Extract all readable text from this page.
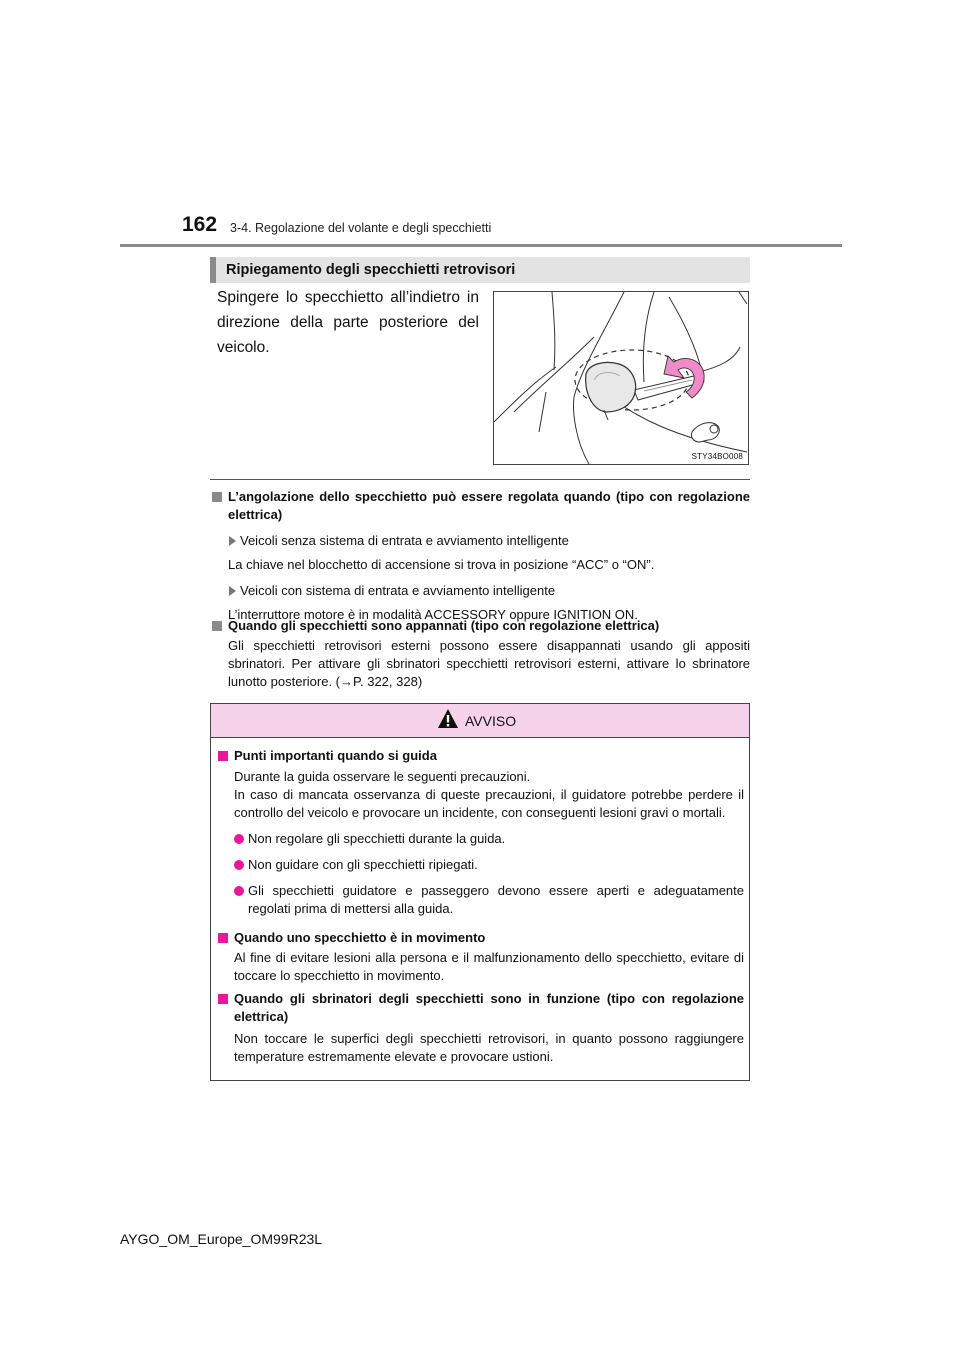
162 3-4. Regolazione del volante e degli specchietti
Ripiegamento degli specchietti retrovisori
Spingere lo specchietto all’indietro in direzione della parte posteriore del veicolo.
STY34BO008
L’angolazione dello specchietto può essere regolata quando (tipo con regolazione elettrica)
Veicoli senza sistema di entrata e avviamento intelligente
La chiave nel blocchetto di accensione si trova in posizione “ACC” o “ON”.
Veicoli con sistema di entrata e avviamento intelligente
L’interruttore motore è in modalità ACCESSORY oppure IGNITION ON.
Quando gli specchietti sono appannati (tipo con regolazione elettrica)
Gli specchietti retrovisori esterni possono essere disappannati usando gli appositi sbrinatori. Per attivare gli sbrinatori specchietti retrovisori esterni, attivare lo sbrinatore lunotto posteriore. (→P. 322, 328)
AVVISO
Punti importanti quando si guida
Durante la guida osservare le seguenti precauzioni.
In caso di mancata osservanza di queste precauzioni, il guidatore potrebbe perdere il controllo del veicolo e provocare un incidente, con conseguenti lesioni gravi o mortali.
Non regolare gli specchietti durante la guida.
Non guidare con gli specchietti ripiegati.
Gli specchietti guidatore e passeggero devono essere aperti e adeguatamente regolati prima di mettersi alla guida.
Quando uno specchietto è in movimento
Al fine di evitare lesioni alla persona e il malfunzionamento dello specchietto, evitare di toccare lo specchietto in movimento.
Quando gli sbrinatori degli specchietti sono in funzione (tipo con regolazione elettrica)
Non toccare le superfici degli specchietti retrovisori, in quanto possono raggiungere temperature estremamente elevate e provocare ustioni.
AYGO_OM_Europe_OM99R23L
